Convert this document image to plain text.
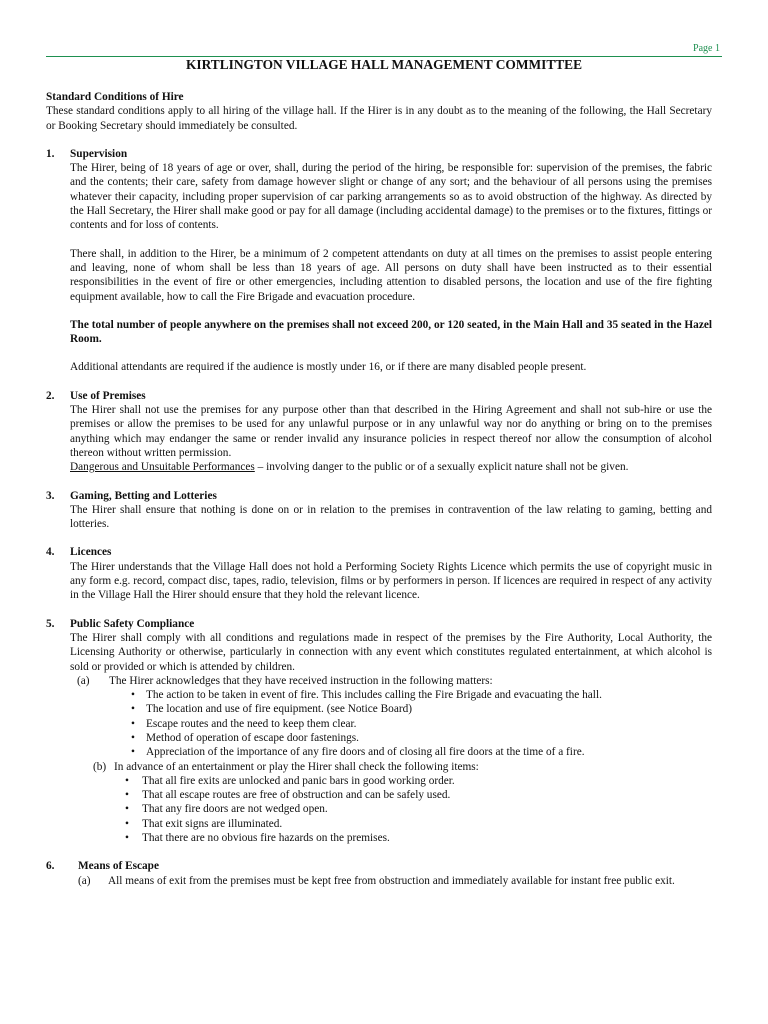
Page 1
KIRTLINGTON VILLAGE HALL MANAGEMENT COMMITTEE

Standard Conditions of Hire

These standard conditions apply to all hiring of the village hall. If the Hirer is in any doubt as to the meaning of the following, the Hall Secretary or Booking Secretary should immediately be consulted.

1.	Supervision

The Hirer, being of 18 years of age or over, shall, during the period of the hiring, be responsible for: supervision of the premises, the fabric and the contents; their care, safety from damage however slight or change of any sort; and the behaviour of all persons using the premises whatever their capacity, including proper supervision of car parking arrangements so as to avoid obstruction of the highway. As directed by the Hall Secretary, the Hirer shall make good or pay for all damage (including accidental damage) to the premises or to the fixtures, fittings or contents and for loss of contents.

There shall, in addition to the Hirer, be a minimum of 2 competent attendants on duty at all times on the premises to assist people entering and leaving, none of whom shall be less than 18 years of age. All persons on duty shall have been instructed as to their essential responsibilities in the event of fire or other emergencies, including attention to disabled persons, the location and use of the fire fighting equipment available, how to call the Fire Brigade and evacuation procedure.

The total number of people anywhere on the premises shall not exceed 200, or 120 seated, in the Main Hall and 35 seated in the Hazel Room.

Additional attendants are required if the audience is mostly under 16, or if there are many disabled people present.

2.	Use of Premises

The Hirer shall not use the premises for any purpose other than that described in the Hiring Agreement and shall not sub-hire or use the premises or allow the premises to be used for any unlawful purpose or in any unlawful way nor do anything or bring on to the premises anything which may endanger the same or render invalid any insurance policies in respect thereof nor allow the consumption of alcohol thereon without written permission.

Dangerous and Unsuitable Performances – involving danger to the public or of a sexually explicit nature shall not be given.

3.	Gaming, Betting and Lotteries

The Hirer shall ensure that nothing is done on or in relation to the premises in contravention of the law relating to gaming, betting and lotteries.

4.	Licences

The Hirer understands that the Village Hall does not hold a Performing Society Rights Licence which permits the use of copyright music in any form e.g. record, compact disc, tapes, radio, television, films or by performers in person. If licences are required in respect of any activity in the Village Hall the Hirer should ensure that they hold the relevant licence.

5.	Public Safety Compliance

The Hirer shall comply with all conditions and regulations made in respect of the premises by the Fire Authority, Local Authority, the Licensing Authority or otherwise, particularly in connection with any event which constitutes regulated entertainment, at which alcohol is sold or provided or which is attended by children.

(a)	The Hirer acknowledges that they have received instruction in the following matters:
• The action to be taken in event of fire. This includes calling the Fire Brigade and evacuating the hall.
• The location and use of fire equipment. (see Notice Board)
• Escape routes and the need to keep them clear.
• Method of operation of escape door fastenings.
• Appreciation of the importance of any fire doors and of closing all fire doors at the time of a fire.
(b) In advance of an entertainment or play the Hirer shall check the following items:
•	That all fire exits are unlocked and panic bars in good working order.
•	That all escape routes are free of obstruction and can be safely used.
•	That any fire doors are not wedged open.
•	That exit signs are illuminated.
•	That there are no obvious fire hazards on the premises.
6.	Means of Escape
(a)	All means of exit from the premises must be kept free from obstruction and immediately available for instant free public exit.
